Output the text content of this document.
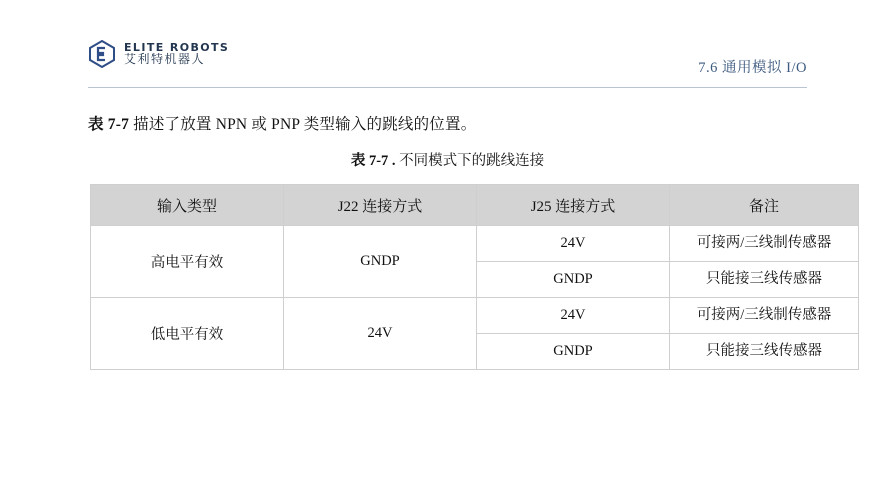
ELITE ROBOTS
艾利特机器人
7.6 通用模拟 I/O
表 7-7 描述了放置 NPN 或 PNP 类型输入的跳线的位置。
表 7-7 . 不同模式下的跳线连接
输入类型	J22 连接方式	J25 连接方式	备注
高电平有效	GNDP	24V	可接两/三线制传感器
		GNDP	只能接三线传感器
低电平有效	24V	24V	可接两/三线制传感器
		GNDP	只能接三线传感器
